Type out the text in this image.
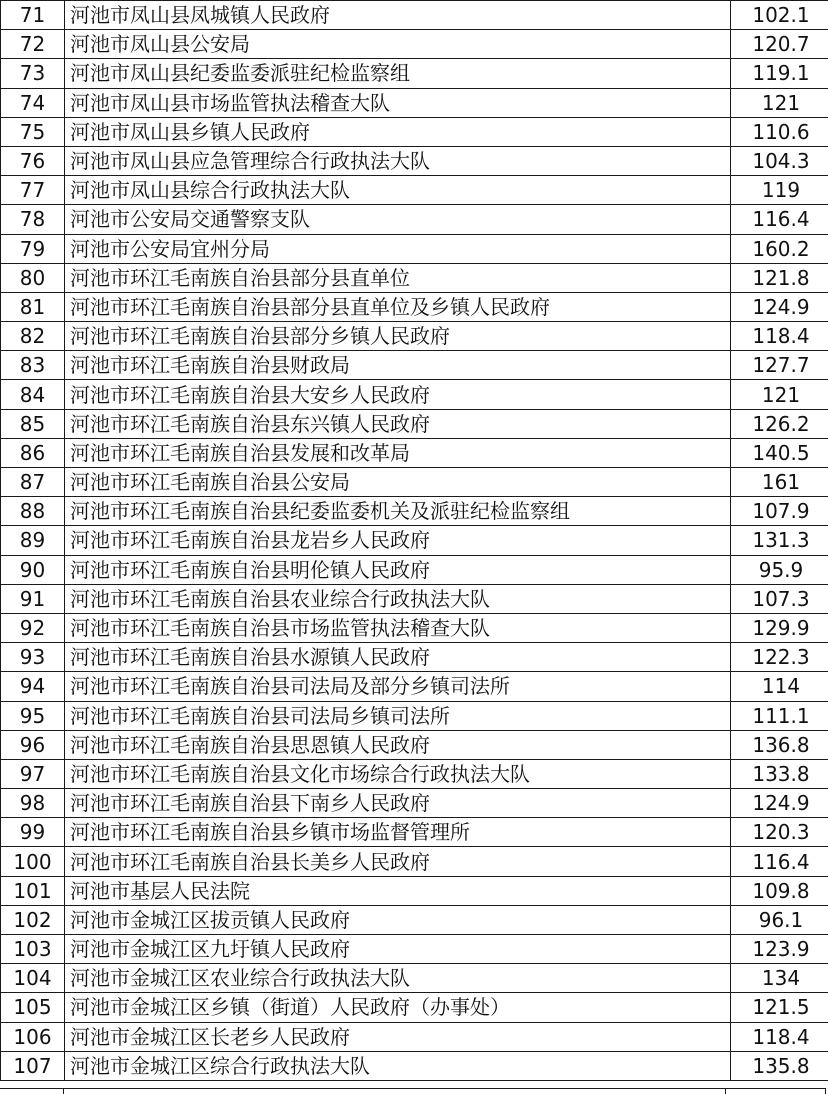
71	河池市凤山县凤城镇人民政府	102.1
72	河池市凤山县公安局	120.7
73	河池市凤山县纪委监委派驻纪检监察组	119.1
74	河池市凤山县市场监管执法稽查大队	121
75	河池市凤山县乡镇人民政府	110.6
76	河池市凤山县应急管理综合行政执法大队	104.3
77	河池市凤山县综合行政执法大队	119
78	河池市公安局交通警察支队	116.4
79	河池市公安局宜州分局	160.2
80	河池市环江毛南族自治县部分县直单位	121.8
81	河池市环江毛南族自治县部分县直单位及乡镇人民政府	124.9
82	河池市环江毛南族自治县部分乡镇人民政府	118.4
83	河池市环江毛南族自治县财政局	127.7
84	河池市环江毛南族自治县大安乡人民政府	121
85	河池市环江毛南族自治县东兴镇人民政府	126.2
86	河池市环江毛南族自治县发展和改革局	140.5
87	河池市环江毛南族自治县公安局	161
88	河池市环江毛南族自治县纪委监委机关及派驻纪检监察组	107.9
89	河池市环江毛南族自治县龙岩乡人民政府	131.3
90	河池市环江毛南族自治县明伦镇人民政府	95.9
91	河池市环江毛南族自治县农业综合行政执法大队	107.3
92	河池市环江毛南族自治县市场监管执法稽查大队	129.9
93	河池市环江毛南族自治县水源镇人民政府	122.3
94	河池市环江毛南族自治县司法局及部分乡镇司法所	114
95	河池市环江毛南族自治县司法局乡镇司法所	111.1
96	河池市环江毛南族自治县思恩镇人民政府	136.8
97	河池市环江毛南族自治县文化市场综合行政执法大队	133.8
98	河池市环江毛南族自治县下南乡人民政府	124.9
99	河池市环江毛南族自治县乡镇市场监督管理所	120.3
100	河池市环江毛南族自治县长美乡人民政府	116.4
101	河池市基层人民法院	109.8
102	河池市金城江区拔贡镇人民政府	96.1
103	河池市金城江区九圩镇人民政府	123.9
104	河池市金城江区农业综合行政执法大队	134
105	河池市金城江区乡镇（街道）人民政府（办事处）	121.5
106	河池市金城江区长老乡人民政府	118.4
107	河池市金城江区综合行政执法大队	135.8
